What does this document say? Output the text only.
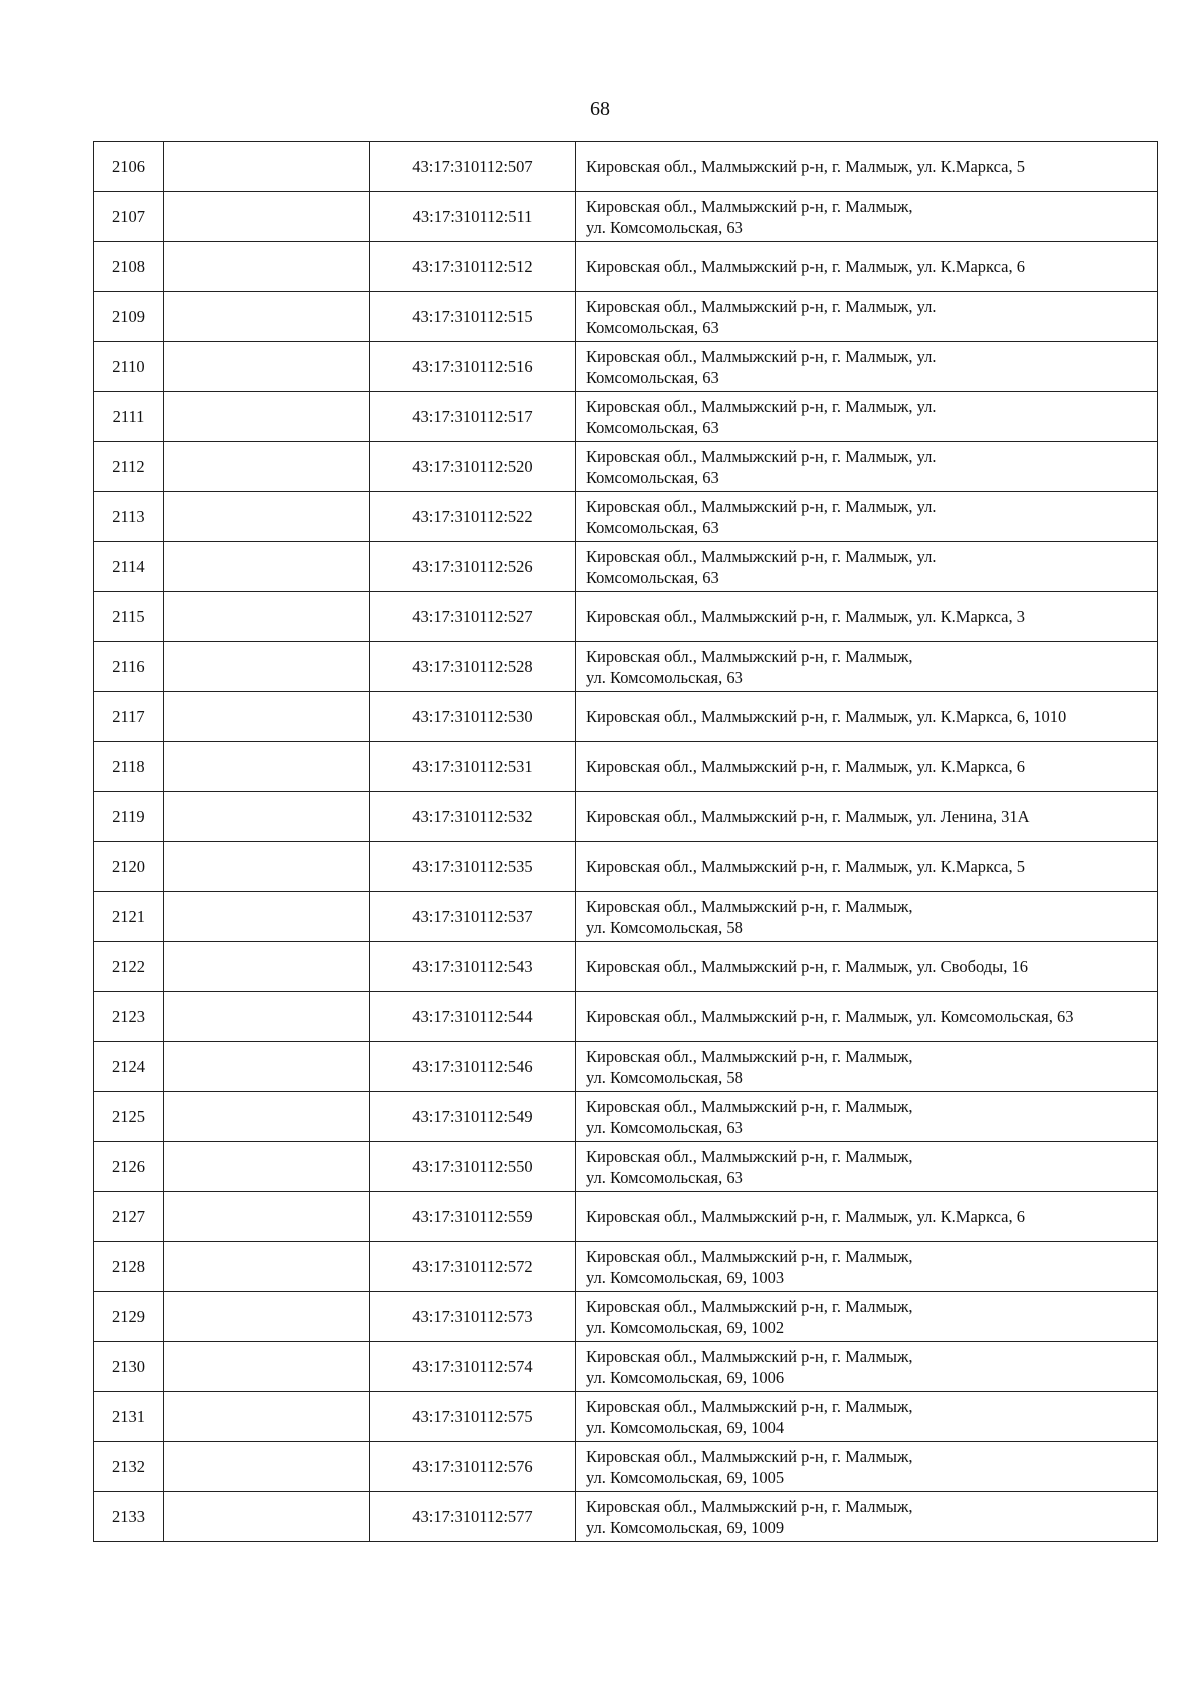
68
2106		43:17:310112:507	Кировская обл., Малмыжский р-н, г. Малмыж, ул. К.Маркса, 5

2107		43:17:310112:511	Кировская обл., Малмыжский р-н, г. Малмыж,
ул. Комсомольская, 63

2108		43:17:310112:512	Кировская обл., Малмыжский р-н, г. Малмыж, ул. К.Маркса, 6

2109		43:17:310112:515	Кировская обл., Малмыжский р-н, г. Малмыж, ул.
Комсомольская, 63

2110		43:17:310112:516	Кировская обл., Малмыжский р-н, г. Малмыж, ул.
Комсомольская, 63

2111		43:17:310112:517	Кировская обл., Малмыжский р-н, г. Малмыж, ул.
Комсомольская, 63

2112		43:17:310112:520	Кировская обл., Малмыжский р-н, г. Малмыж, ул.
Комсомольская, 63

2113		43:17:310112:522	Кировская обл., Малмыжский р-н, г. Малмыж, ул.
Комсомольская, 63

2114		43:17:310112:526	Кировская обл., Малмыжский р-н, г. Малмыж, ул.
Комсомольская, 63

2115		43:17:310112:527	Кировская обл., Малмыжский р-н, г. Малмыж, ул. К.Маркса, 3

2116		43:17:310112:528	Кировская обл., Малмыжский р-н, г. Малмыж,
ул. Комсомольская, 63

2117		43:17:310112:530	Кировская обл., Малмыжский р-н, г. Малмыж, ул. К.Маркса, 6, 1010

2118		43:17:310112:531	Кировская обл., Малмыжский р-н, г. Малмыж, ул. К.Маркса, 6

2119		43:17:310112:532	Кировская обл., Малмыжский р-н, г. Малмыж, ул. Ленина, 31А

2120		43:17:310112:535	Кировская обл., Малмыжский р-н, г. Малмыж, ул. К.Маркса, 5

2121		43:17:310112:537	Кировская обл., Малмыжский р-н, г. Малмыж,
ул. Комсомольская, 58

2122		43:17:310112:543	Кировская обл., Малмыжский р-н, г. Малмыж, ул. Свободы, 16

2123		43:17:310112:544	Кировская обл., Малмыжский р-н, г. Малмыж, ул. Комсомольская, 63

2124		43:17:310112:546	Кировская обл., Малмыжский р-н, г. Малмыж,
ул. Комсомольская, 58

2125		43:17:310112:549	Кировская обл., Малмыжский р-н, г. Малмыж,
ул. Комсомольская, 63

2126		43:17:310112:550	Кировская обл., Малмыжский р-н, г. Малмыж,
ул. Комсомольская, 63

2127		43:17:310112:559	Кировская обл., Малмыжский р-н, г. Малмыж, ул. К.Маркса, 6

2128		43:17:310112:572	Кировская обл., Малмыжский р-н, г. Малмыж,
ул. Комсомольская, 69, 1003

2129		43:17:310112:573	Кировская обл., Малмыжский р-н, г. Малмыж,
ул. Комсомольская, 69, 1002

2130		43:17:310112:574	Кировская обл., Малмыжский р-н, г. Малмыж,
ул. Комсомольская, 69, 1006

2131		43:17:310112:575	Кировская обл., Малмыжский р-н, г. Малмыж,
ул. Комсомольская, 69, 1004

2132		43:17:310112:576	Кировская обл., Малмыжский р-н, г. Малмыж,
ул. Комсомольская, 69, 1005

2133		43:17:310112:577	Кировская обл., Малмыжский р-н, г. Малмыж,
ул. Комсомольская, 69, 1009
